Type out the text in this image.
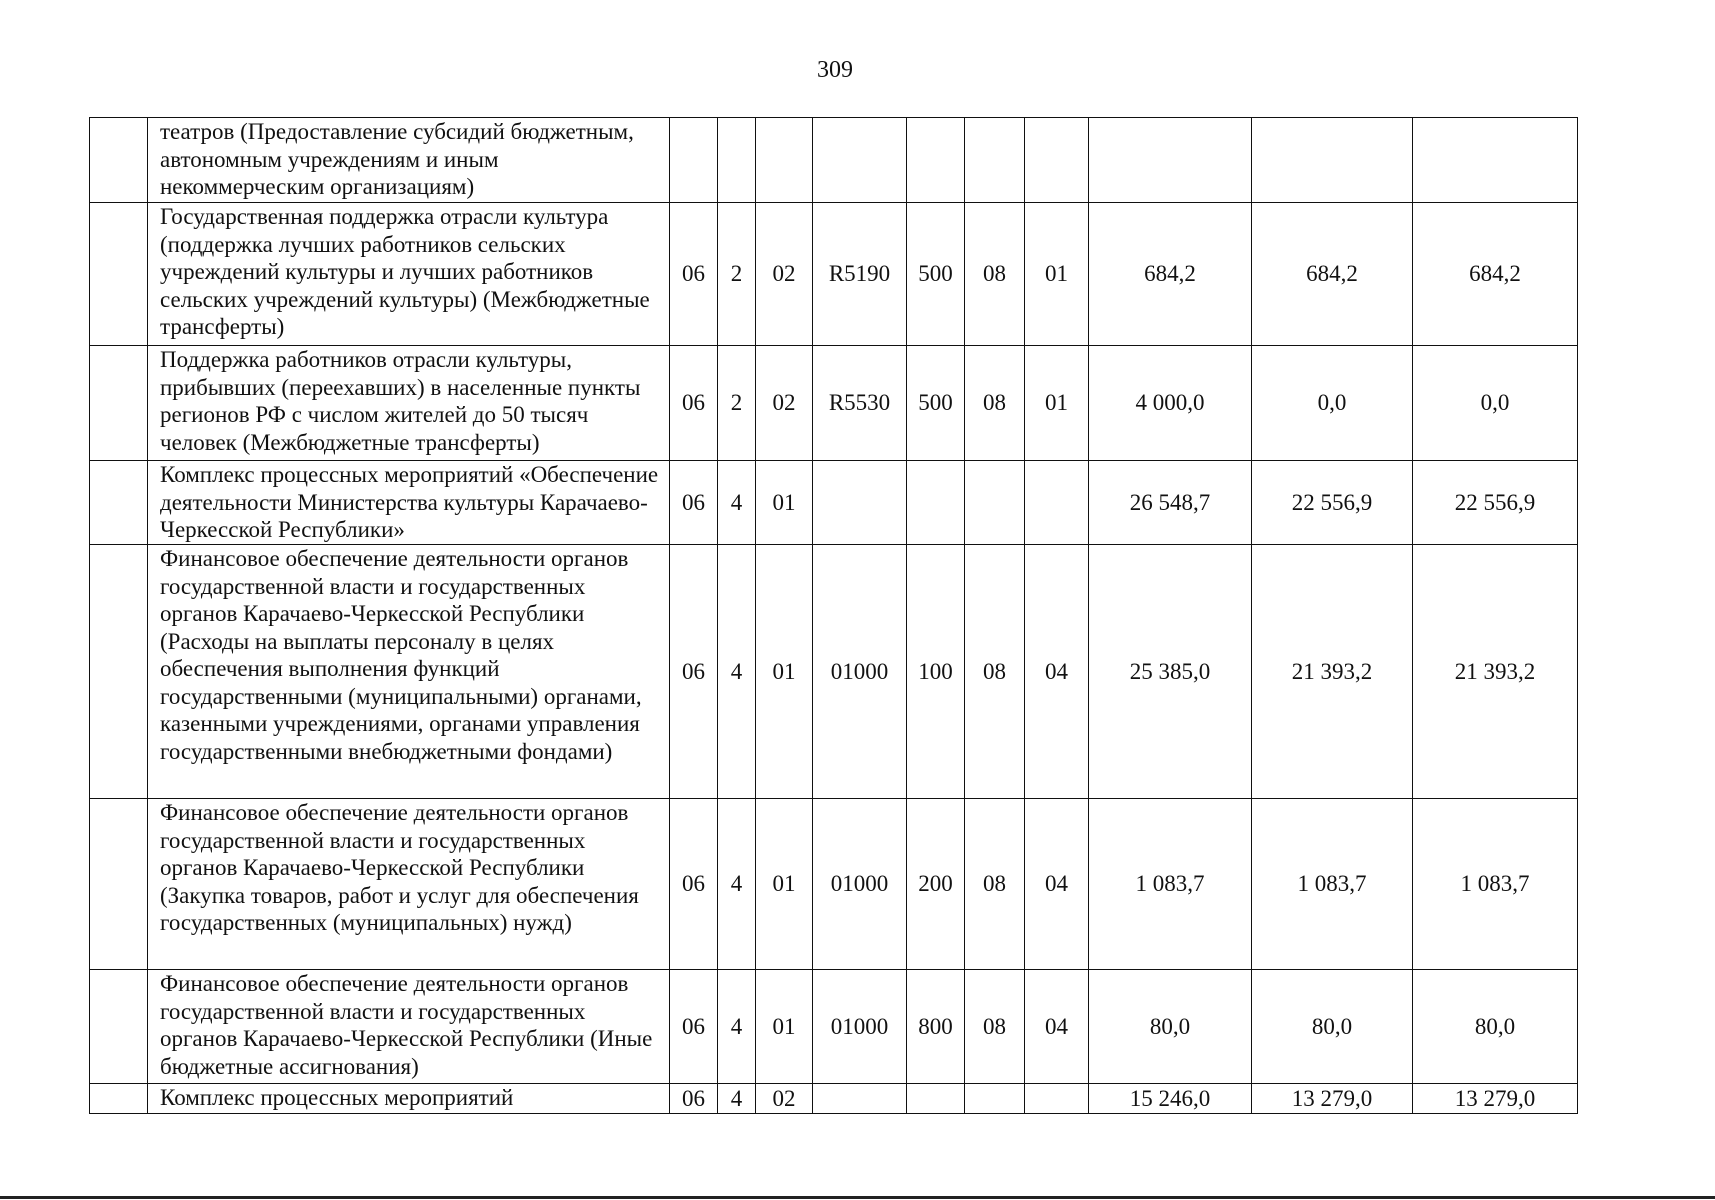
309
	театров (Предоставление субсидий бюджетным, автономным учреждениям и иным некоммерческим организациям)										
	Государственная поддержка отрасли культура (поддержка лучших работников сельских учреждений культуры и лучших работников сельских учреждений культуры) (Межбюджетные трансферты)	06	2	02	R5190	500	08	01	684,2	684,2	684,2
	Поддержка работников отрасли культуры, прибывших (переехавших) в населенные пункты регионов РФ с числом жителей до 50 тысяч человек (Межбюджетные трансферты)	06	2	02	R5530	500	08	01	4 000,0	0,0	0,0
	Комплекс процессных мероприятий «Обеспечение деятельности Министерства культуры Карачаево-Черкесской Республики»	06	4	01					26 548,7	22 556,9	22 556,9
	Финансовое обеспечение деятельности органов государственной власти и государственных органов Карачаево-Черкесской Республики (Расходы на выплаты персоналу в целях обеспечения выполнения функций государственными (муниципальными) органами, казенными учреждениями, органами управления государственными внебюджетными фондами)	06	4	01	01000	100	08	04	25 385,0	21 393,2	21 393,2
	Финансовое обеспечение деятельности органов государственной власти и государственных органов Карачаево-Черкесской Республики (Закупка товаров, работ и услуг для обеспечения государственных (муниципальных) нужд)	06	4	01	01000	200	08	04	1 083,7	1 083,7	1 083,7
	Финансовое обеспечение деятельности органов государственной власти и государственных органов Карачаево-Черкесской Республики (Иные бюджетные ассигнования)	06	4	01	01000	800	08	04	80,0	80,0	80,0
	Комплекс процессных мероприятий	06	4	02					15 246,0	13 279,0	13 279,0
